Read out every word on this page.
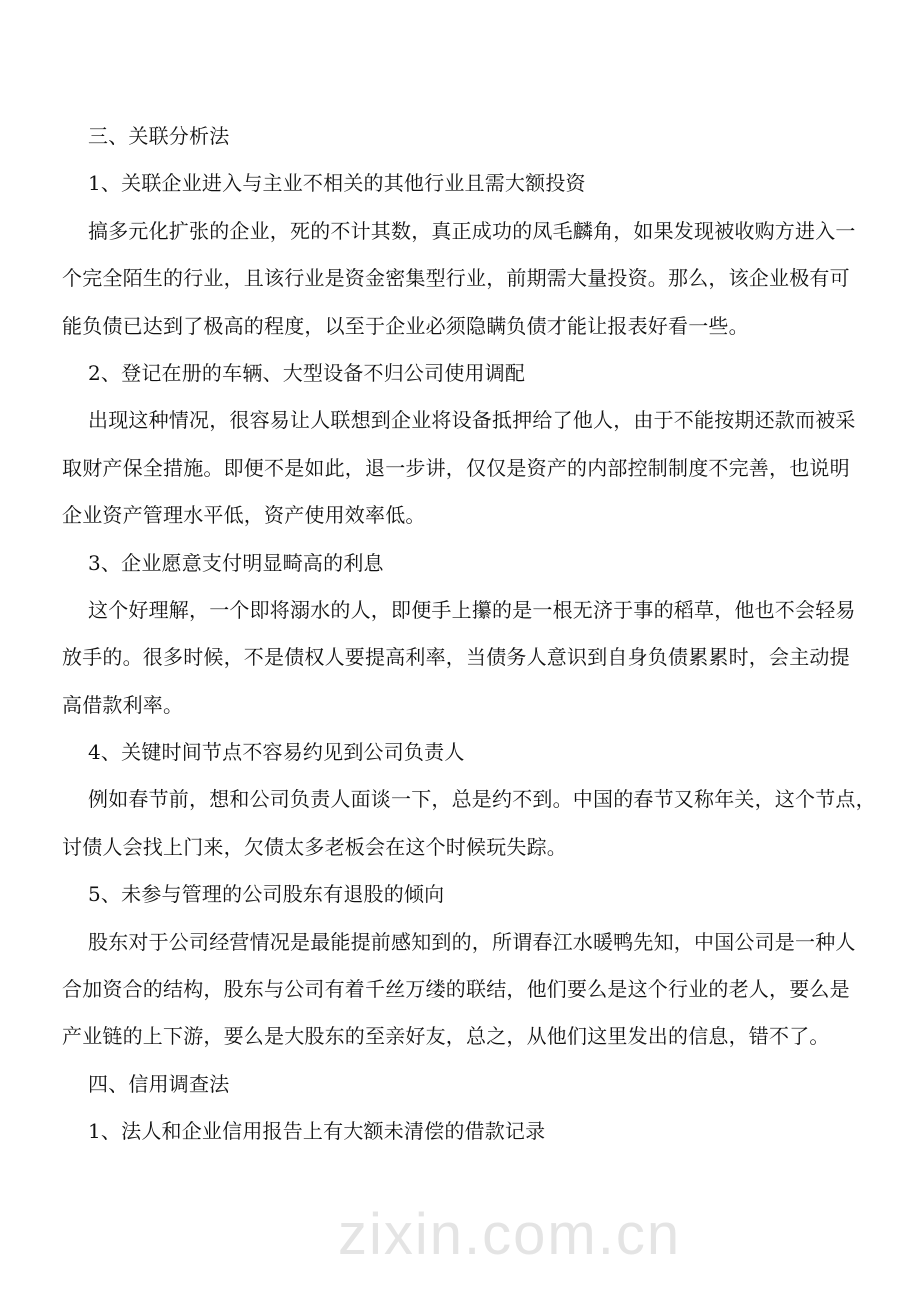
zixin.com.cn
三、关联分析法
1、关联企业进入与主业不相关的其他行业且需大额投资
搞多元化扩张的企业，死的不计其数，真正成功的凤毛麟角，如果发现被收购方进入一
个完全陌生的行业，且该行业是资金密集型行业，前期需大量投资。那么，该企业极有可
能负债已达到了极高的程度，以至于企业必须隐瞒负债才能让报表好看一些。
2、登记在册的车辆、大型设备不归公司使用调配
出现这种情况，很容易让人联想到企业将设备抵押给了他人，由于不能按期还款而被采
取财产保全措施。即便不是如此，退一步讲，仅仅是资产的内部控制制度不完善，也说明
企业资产管理水平低，资产使用效率低。
3、企业愿意支付明显畸高的利息
这个好理解，一个即将溺水的人，即便手上攥的是一根无济于事的稻草，他也不会轻易
放手的。很多时候，不是债权人要提高利率，当债务人意识到自身负债累累时，会主动提
高借款利率。
4、关键时间节点不容易约见到公司负责人
例如春节前，想和公司负责人面谈一下，总是约不到。中国的春节又称年关，这个节点，
讨债人会找上门来，欠债太多老板会在这个时候玩失踪。
5、未参与管理的公司股东有退股的倾向
股东对于公司经营情况是最能提前感知到的，所谓春江水暖鸭先知，中国公司是一种人
合加资合的结构，股东与公司有着千丝万缕的联结，他们要么是这个行业的老人，要么是
产业链的上下游，要么是大股东的至亲好友，总之，从他们这里发出的信息，错不了。
四、信用调查法
1、法人和企业信用报告上有大额未清偿的借款记录
